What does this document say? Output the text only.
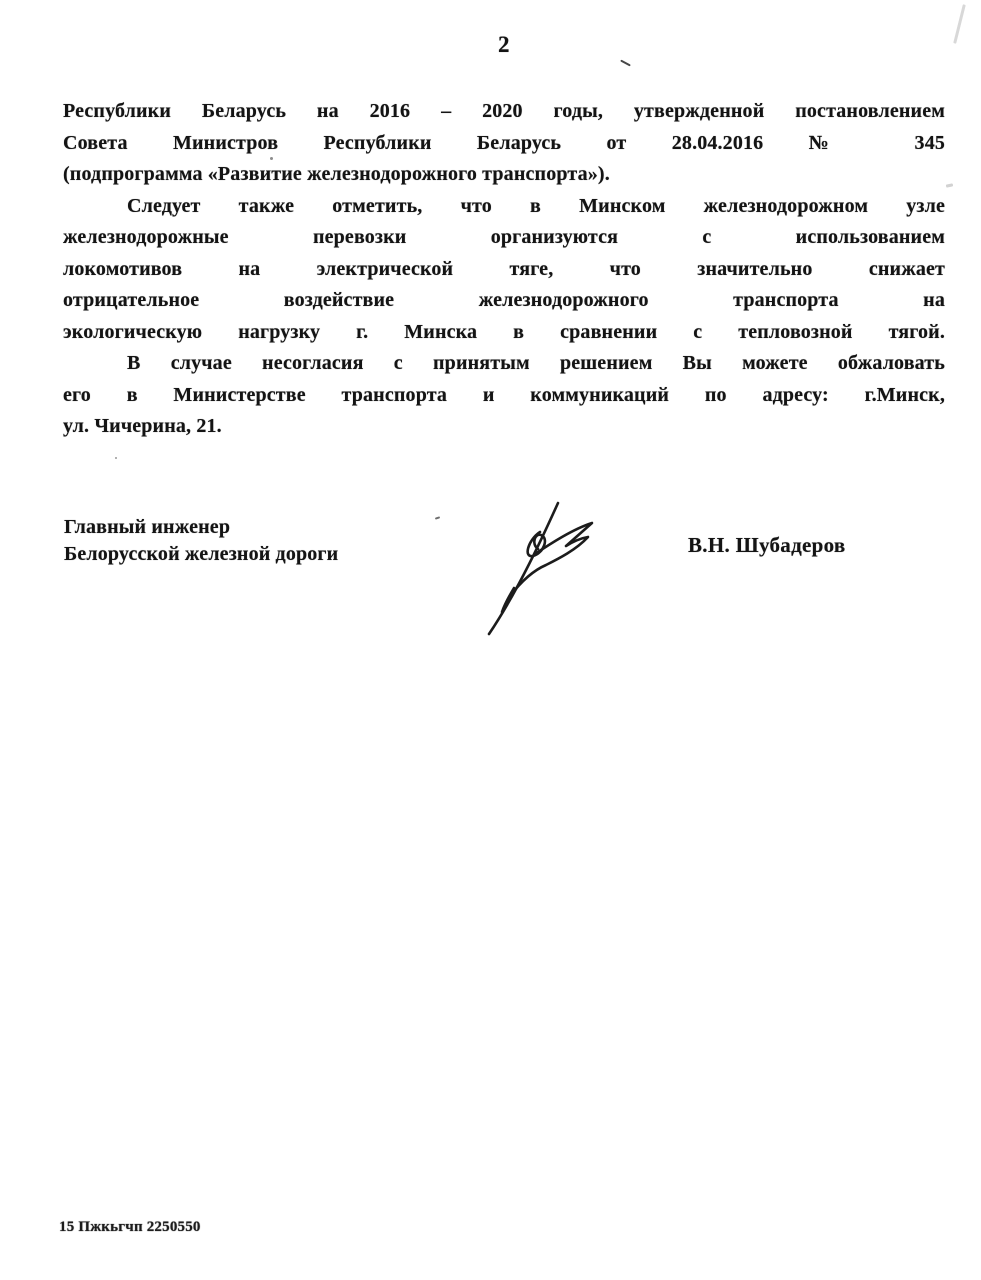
2
Республики Беларусь на 2016 – 2020 годы, утвержденной постановлением
Совета Министров Республики Беларусь от 28.04.2016 № 345
(подпрограмма «Развитие железнодорожного транспорта»).
Следует также отметить, что в Минском железнодорожном узле
железнодорожные перевозки организуются с использованием
локомотивов на электрической тяге, что значительно снижает
отрицательное воздействие железнодорожного транспорта на
экологическую нагрузку г. Минска в сравнении с тепловозной тягой.
В случае несогласия с принятым решением Вы можете обжаловать
его в Министерстве транспорта и коммуникаций по адресу: г.Минск,
ул. Чичерина, 21.
Главный инженер
Белорусской железной дороги	В.Н. Шубадеров
15 Пжкьгчп 2250550
